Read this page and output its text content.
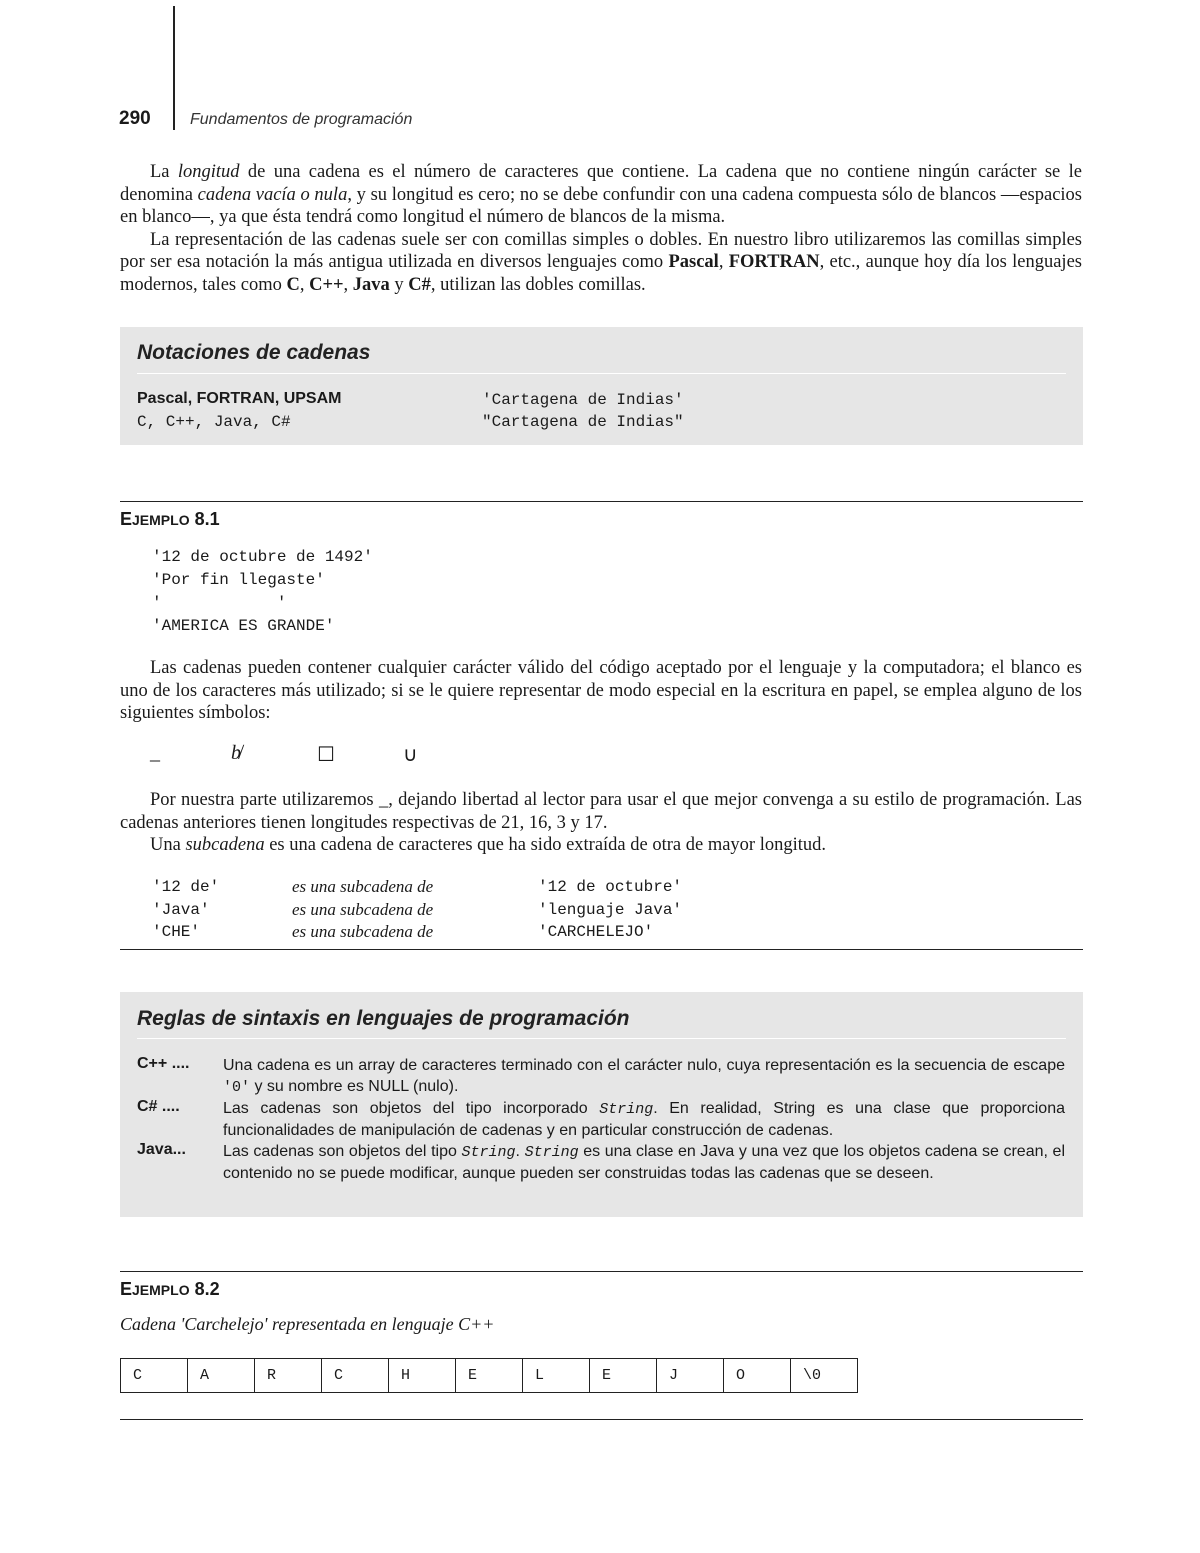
290 Fundamentos de programación

La longitud de una cadena es el número de caracteres que contiene. La cadena que no contiene ningún carácter se le denomina cadena vacía o nula, y su longitud es cero; no se debe confundir con una cadena compuesta sólo de blancos —espacios en blanco—, ya que ésta tendrá como longitud el número de blancos de la misma.

La representación de las cadenas suele ser con comillas simples o dobles. En nuestro libro utilizaremos las comillas simples por ser esa notación la más antigua utilizada en diversos lenguajes como Pascal, FORTRAN, etc., aunque hoy día los lenguajes modernos, tales como C, C++, Java y C#, utilizan las dobles comillas.

Notaciones de cadenas
Pascal, FORTRAN, UPSAM	'Cartagena de Indias'
C, C++, Java, C#	"Cartagena de Indias"
EJEMPLO 8.1
'12 de octubre de 1492'
'Por fin llegaste'
'            '
'AMERICA ES GRANDE'

Las cadenas pueden contener cualquier carácter válido del código aceptado por el lenguaje y la computadora; el blanco es uno de los caracteres más utilizado; si se le quiere representar de modo especial en la escritura en papel, se emplea alguno de los siguientes símbolos:

_	b̸	☐	∪

Por nuestra parte utilizaremos _, dejando libertad al lector para usar el que mejor convenga a su estilo de programación. Las cadenas anteriores tienen longitudes respectivas de 21, 16, 3 y 17.

Una subcadena es una cadena de caracteres que ha sido extraída de otra de mayor longitud.

'12 de'	es una subcadena de	'12 de octubre'
'Java'	es una subcadena de	'lenguaje Java'
'CHE'	es una subcadena de	'CARCHELEJO'
Reglas de sintaxis en lenguajes de programación
C++ .... Una cadena es un array de caracteres terminado con el carácter nulo, cuya representación es la secuencia de escape '0' y su nombre es NULL (nulo).
C# ....	Las cadenas son objetos del tipo incorporado String. En realidad, String es una clase que proporciona funcionalidades de manipulación de cadenas y en particular construcción de cadenas.
Java... Las cadenas son objetos del tipo String. String es una clase en Java y una vez que los objetos cadena se crean, el contenido no se puede modificar, aunque pueden ser construidas todas las cadenas que se deseen.
EJEMPLO 8.2
Cadena 'Carchelejo' representada en lenguaje C++
C	A	R	C	H	E	L	E	J	O	\0
